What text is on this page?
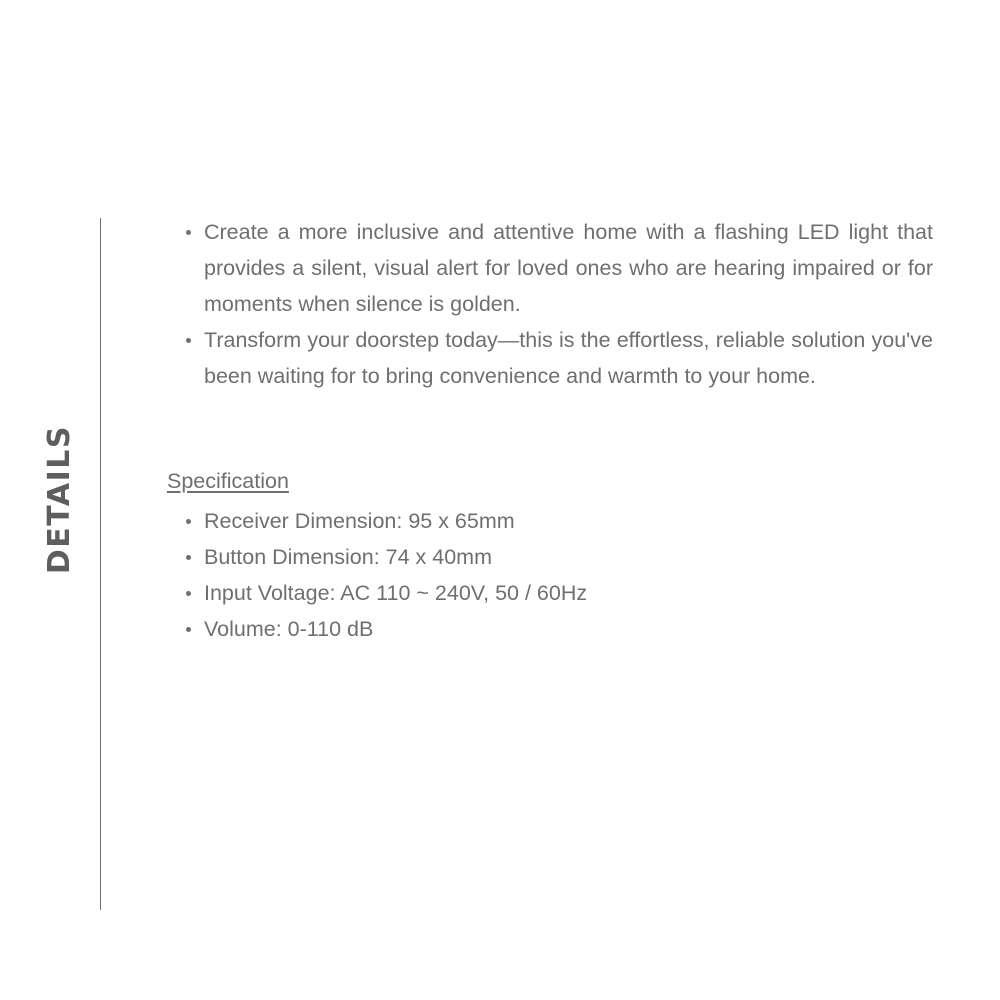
DETAILS
Create a more inclusive and attentive home with a flashing LED light that provides a silent, visual alert for loved ones who are hearing impaired or for moments when silence is golden.
Transform your doorstep today—this is the effortless, reliable solution you've been waiting for to bring convenience and warmth to your home.
Specification
Receiver Dimension: 95 x 65mm
Button Dimension: 74 x 40mm
Input Voltage: AC 110 ~ 240V, 50 / 60Hz
Volume: 0-110 dB
